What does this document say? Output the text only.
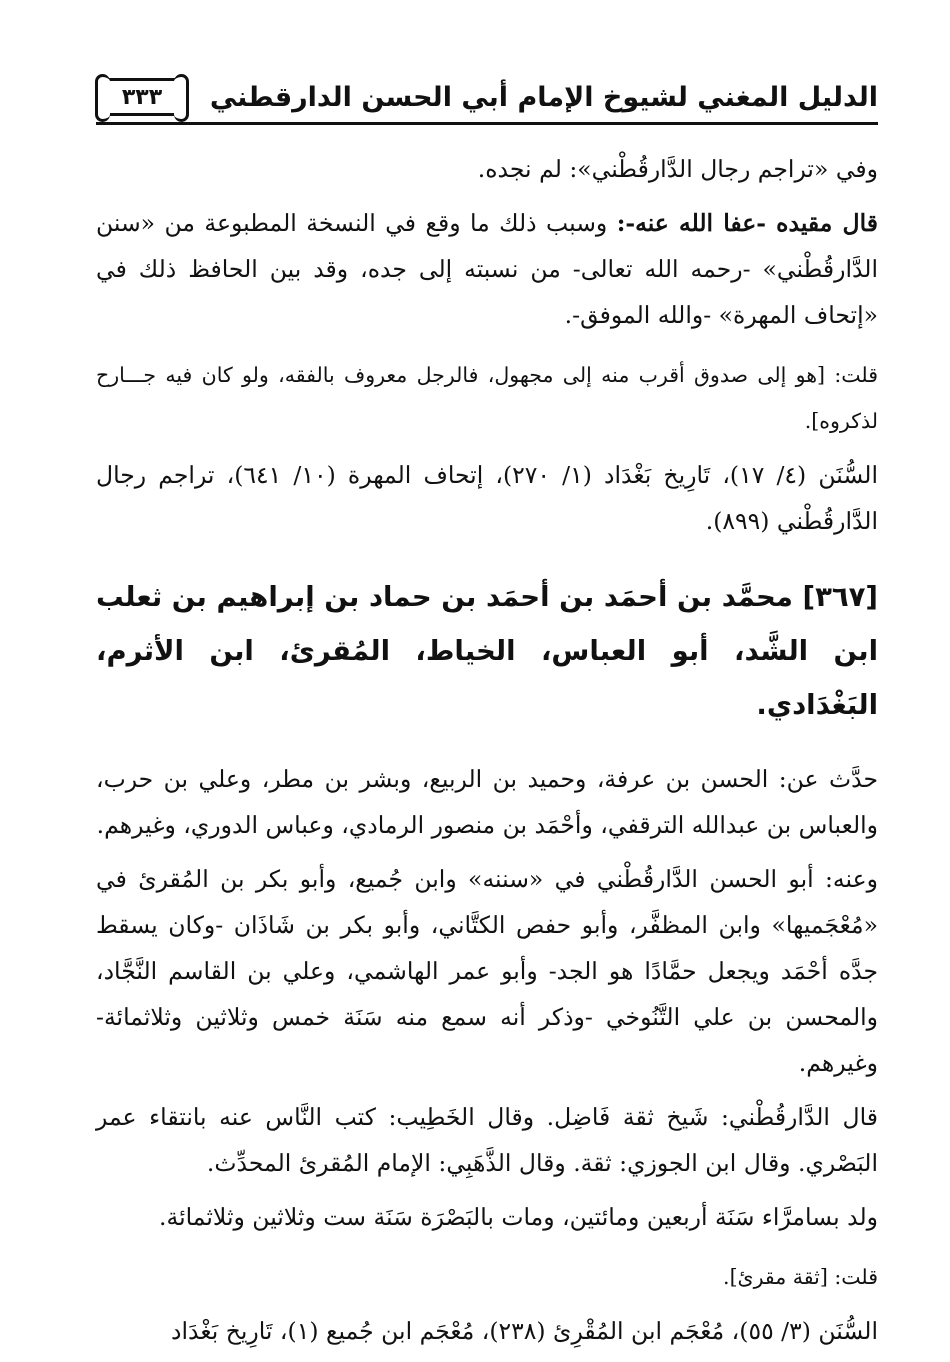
الدليل المغني لشيوخ الإمام أبي الحسن الدارقطني
٣٣٣

وفي «تراجم رجال الدَّارقُطْني»: لم نجده.

قال مقيده -عفا الله عنه-: وسبب ذلك ما وقع في النسخة المطبوعة من «سنن الدَّارقُطْني» -رحمه الله تعالى- من نسبته إلى جده، وقد بين الحافظ ذلك في «إتحاف المهرة» -والله الموفق-.

قلت: [هو إلى صدوق أقرب منه إلى مجهول، فالرجل معروف بالفقه، ولو كان فيه جـــارح لذكروه].

السُّنَن (٤/ ١٧)، تَارِيخ بَغْدَاد (١/ ٢٧٠)، إتحاف المهرة (١٠/ ٦٤١)، تراجم رجال الدَّارقُطْني (٨٩٩).

[٣٦٧] محمَّد بن أحمَد بن أحمَد بن حماد بن إبراهيم بن ثعلب ابن الشَّد، أبو العباس، الخياط، المُقرئ، ابن الأثرم، البَغْدَادي.

حدَّث عن: الحسن بن عرفة، وحميد بن الربيع، وبشر بن مطر، وعلي بن حرب، والعباس بن عبدالله الترقفي، وأحْمَد بن منصور الرمادي، وعباس الدوري، وغيرهم.

وعنه: أبو الحسن الدَّارقُطْني في «سننه» وابن جُميع، وأبو بكر بن المُقرئ في «مُعْجَميها» وابن المظفَّر، وأبو حفص الكتَّاني، وأبو بكر بن شَاذَان -وكان يسقط جدَّه أحْمَد ويجعل حمَّادًا هو الجد- وأبو عمر الهاشمي، وعلي بن القاسم النَّجَّاد، والمحسن بن علي التَّنُوخي -وذكر أنه سمع منه سَنَة خمس وثلاثين وثلاثمائة- وغيرهم.

قال الدَّارقُطْني: شَيخ ثقة فَاضِل. وقال الخَطِيب: كتب النَّاس عنه بانتقاء عمر البَصْري. وقال ابن الجوزي: ثقة. وقال الذَّهَبِي: الإمام المُقرئ المحدِّث.

ولد بسامرَّاء سَنَة أربعين ومائتين، ومات بالبَصْرَة سَنَة ست وثلاثين وثلاثمائة.

قلت: [ثقة مقرئ].

السُّنَن (٣/ ٥٥)، مُعْجَم ابن المُقْرِئ (٢٣٨)، مُعْجَم ابن جُميع (١)، تَارِيخ بَغْدَاد
